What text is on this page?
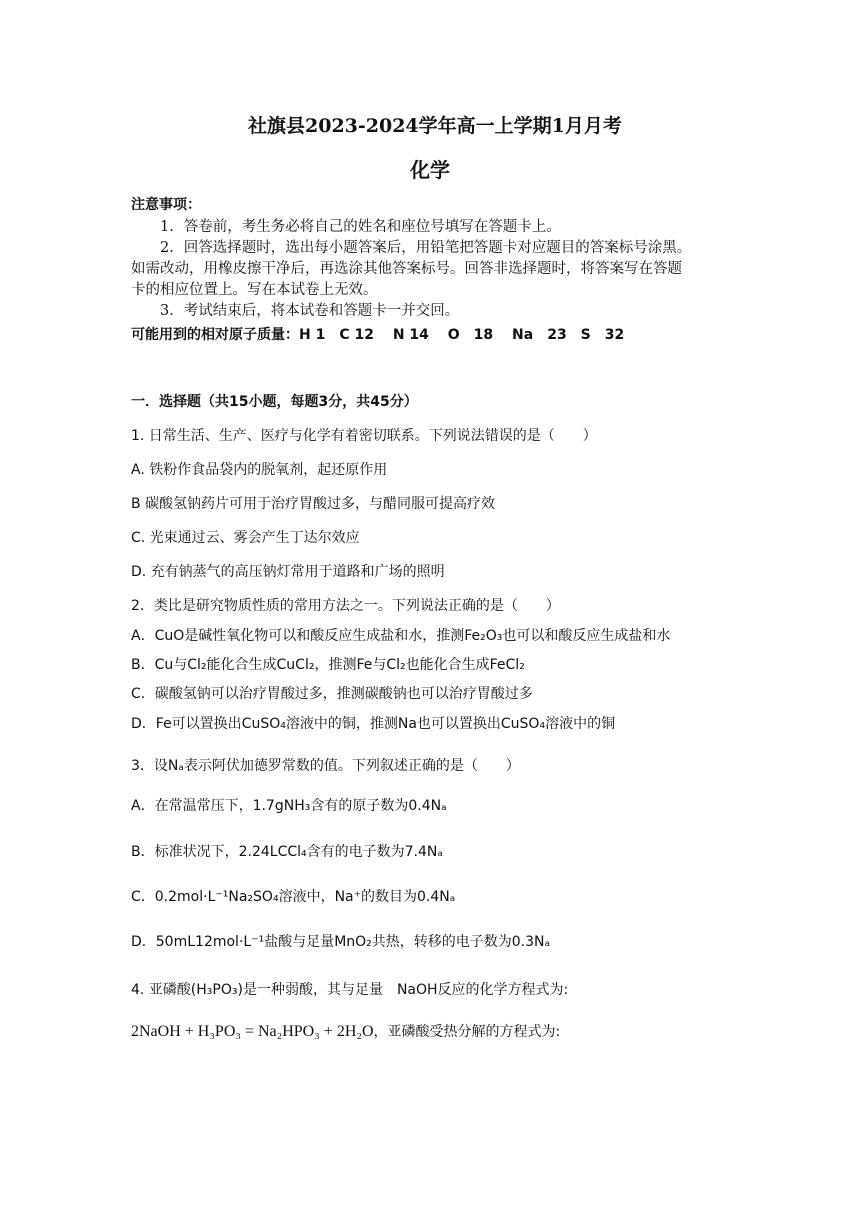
社旗县2023-2024学年高一上学期1月月考
化学
注意事项：
1．答卷前，考生务必将自己的姓名和座位号填写在答题卡上。
2．回答选择题时，选出每小题答案后，用铅笔把答题卡对应题目的答案标号涂黑。
如需改动，用橡皮擦干净后，再选涂其他答案标号。回答非选择题时，将答案写在答题
卡的相应位置上。写在本试卷上无效。
3．考试结束后，将本试卷和答题卡一并交回。
可能用到的相对原子质量：H 1　C 12　 N 14　 O　18　 Na　23　S　32
一．选择题（共15小题，每题3分，共45分）
1. 日常生活、生产、医疗与化学有着密切联系。下列说法错误的是（　　）
A. 铁粉作食品袋内的脱氧剂，起还原作用
B 碳酸氢钠药片可用于治疗胃酸过多，与醋同服可提高疗效
C. 光束通过云、雾会产生丁达尔效应
D. 充有钠蒸气的高压钠灯常用于道路和广场的照明
2．类比是研究物质性质的常用方法之一。下列说法正确的是（　　）
A．CuO是碱性氧化物可以和酸反应生成盐和水，推测Fe₂O₃也可以和酸反应生成盐和水
B．Cu与Cl₂能化合生成CuCl₂，推测Fe与Cl₂也能化合生成FeCl₂
C．碳酸氢钠可以治疗胃酸过多，推测碳酸钠也可以治疗胃酸过多
D．Fe可以置换出CuSO₄溶液中的铜，推测Na也可以置换出CuSO₄溶液中的铜
3．设Nₐ表示阿伏加德罗常数的值。下列叙述正确的是（　　）
A．在常温常压下，1.7gNH₃含有的原子数为0.4Nₐ
B．标准状况下，2.24LCCl₄含有的电子数为7.4Nₐ
C．0.2mol·L⁻¹Na₂SO₄溶液中，Na⁺的数目为0.4Nₐ
D．50mL12mol·L⁻¹盐酸与足量MnO₂共热，转移的电子数为0.3Nₐ
4. 亚磷酸(H₃PO₃)是一种弱酸，其与足量　NaOH反应的化学方程式为:
2NaOH + H₃PO₃ = Na₂HPO₃ + 2H₂O，亚磷酸受热分解的方程式为:
